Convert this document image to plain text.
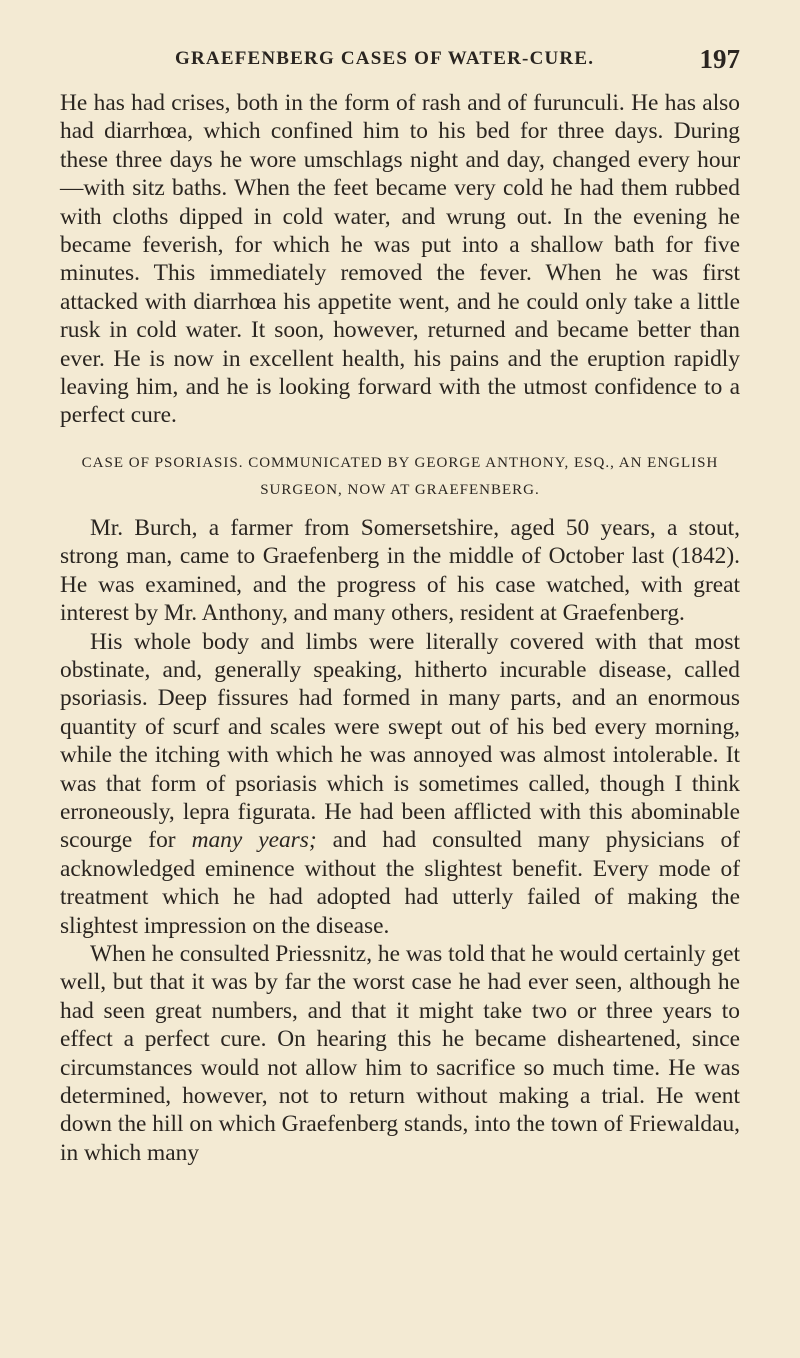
GRAEFENBERG CASES OF WATER-CURE.	197

He has had crises, both in the form of rash and of furunculi. He has also had diarrhœa, which confined him to his bed for three days. During these three days he wore umschlags night and day, changed every hour—with sitz baths. When the feet became very cold he had them rubbed with cloths dipped in cold water, and wrung out. In the evening he became feverish, for which he was put into a shallow bath for five minutes. This immediately removed the fever. When he was first attacked with diarrhœa his appetite went, and he could only take a little rusk in cold water. It soon, however, returned and became better than ever. He is now in excellent health, his pains and the eruption rapidly leaving him, and he is looking forward with the utmost confidence to a perfect cure.

CASE OF PSORIASIS. COMMUNICATED BY GEORGE ANTHONY, ESQ., AN ENGLISH SURGEON, NOW AT GRAEFENBERG.

Mr. Burch, a farmer from Somersetshire, aged 50 years, a stout, strong man, came to Graefenberg in the middle of October last (1842). He was examined, and the progress of his case watched, with great interest by Mr. Anthony, and many others, resident at Graefenberg.

His whole body and limbs were literally covered with that most obstinate, and, generally speaking, hitherto incurable disease, called psoriasis. Deep fissures had formed in many parts, and an enormous quantity of scurf and scales were swept out of his bed every morning, while the itching with which he was annoyed was almost intolerable. It was that form of psoriasis which is sometimes called, though I think erroneously, lepra figurata. He had been afflicted with this abominable scourge for many years; and had consulted many physicians of acknowledged eminence without the slightest benefit. Every mode of treatment which he had adopted had utterly failed of making the slightest impression on the disease.

When he consulted Priessnitz, he was told that he would certainly get well, but that it was by far the worst case he had ever seen, although he had seen great numbers, and that it might take two or three years to effect a perfect cure. On hearing this he became disheartened, since circumstances would not allow him to sacrifice so much time. He was determined, however, not to return without making a trial. He went down the hill on which Graefenberg stands, into the town of Friewaldau, in which many
